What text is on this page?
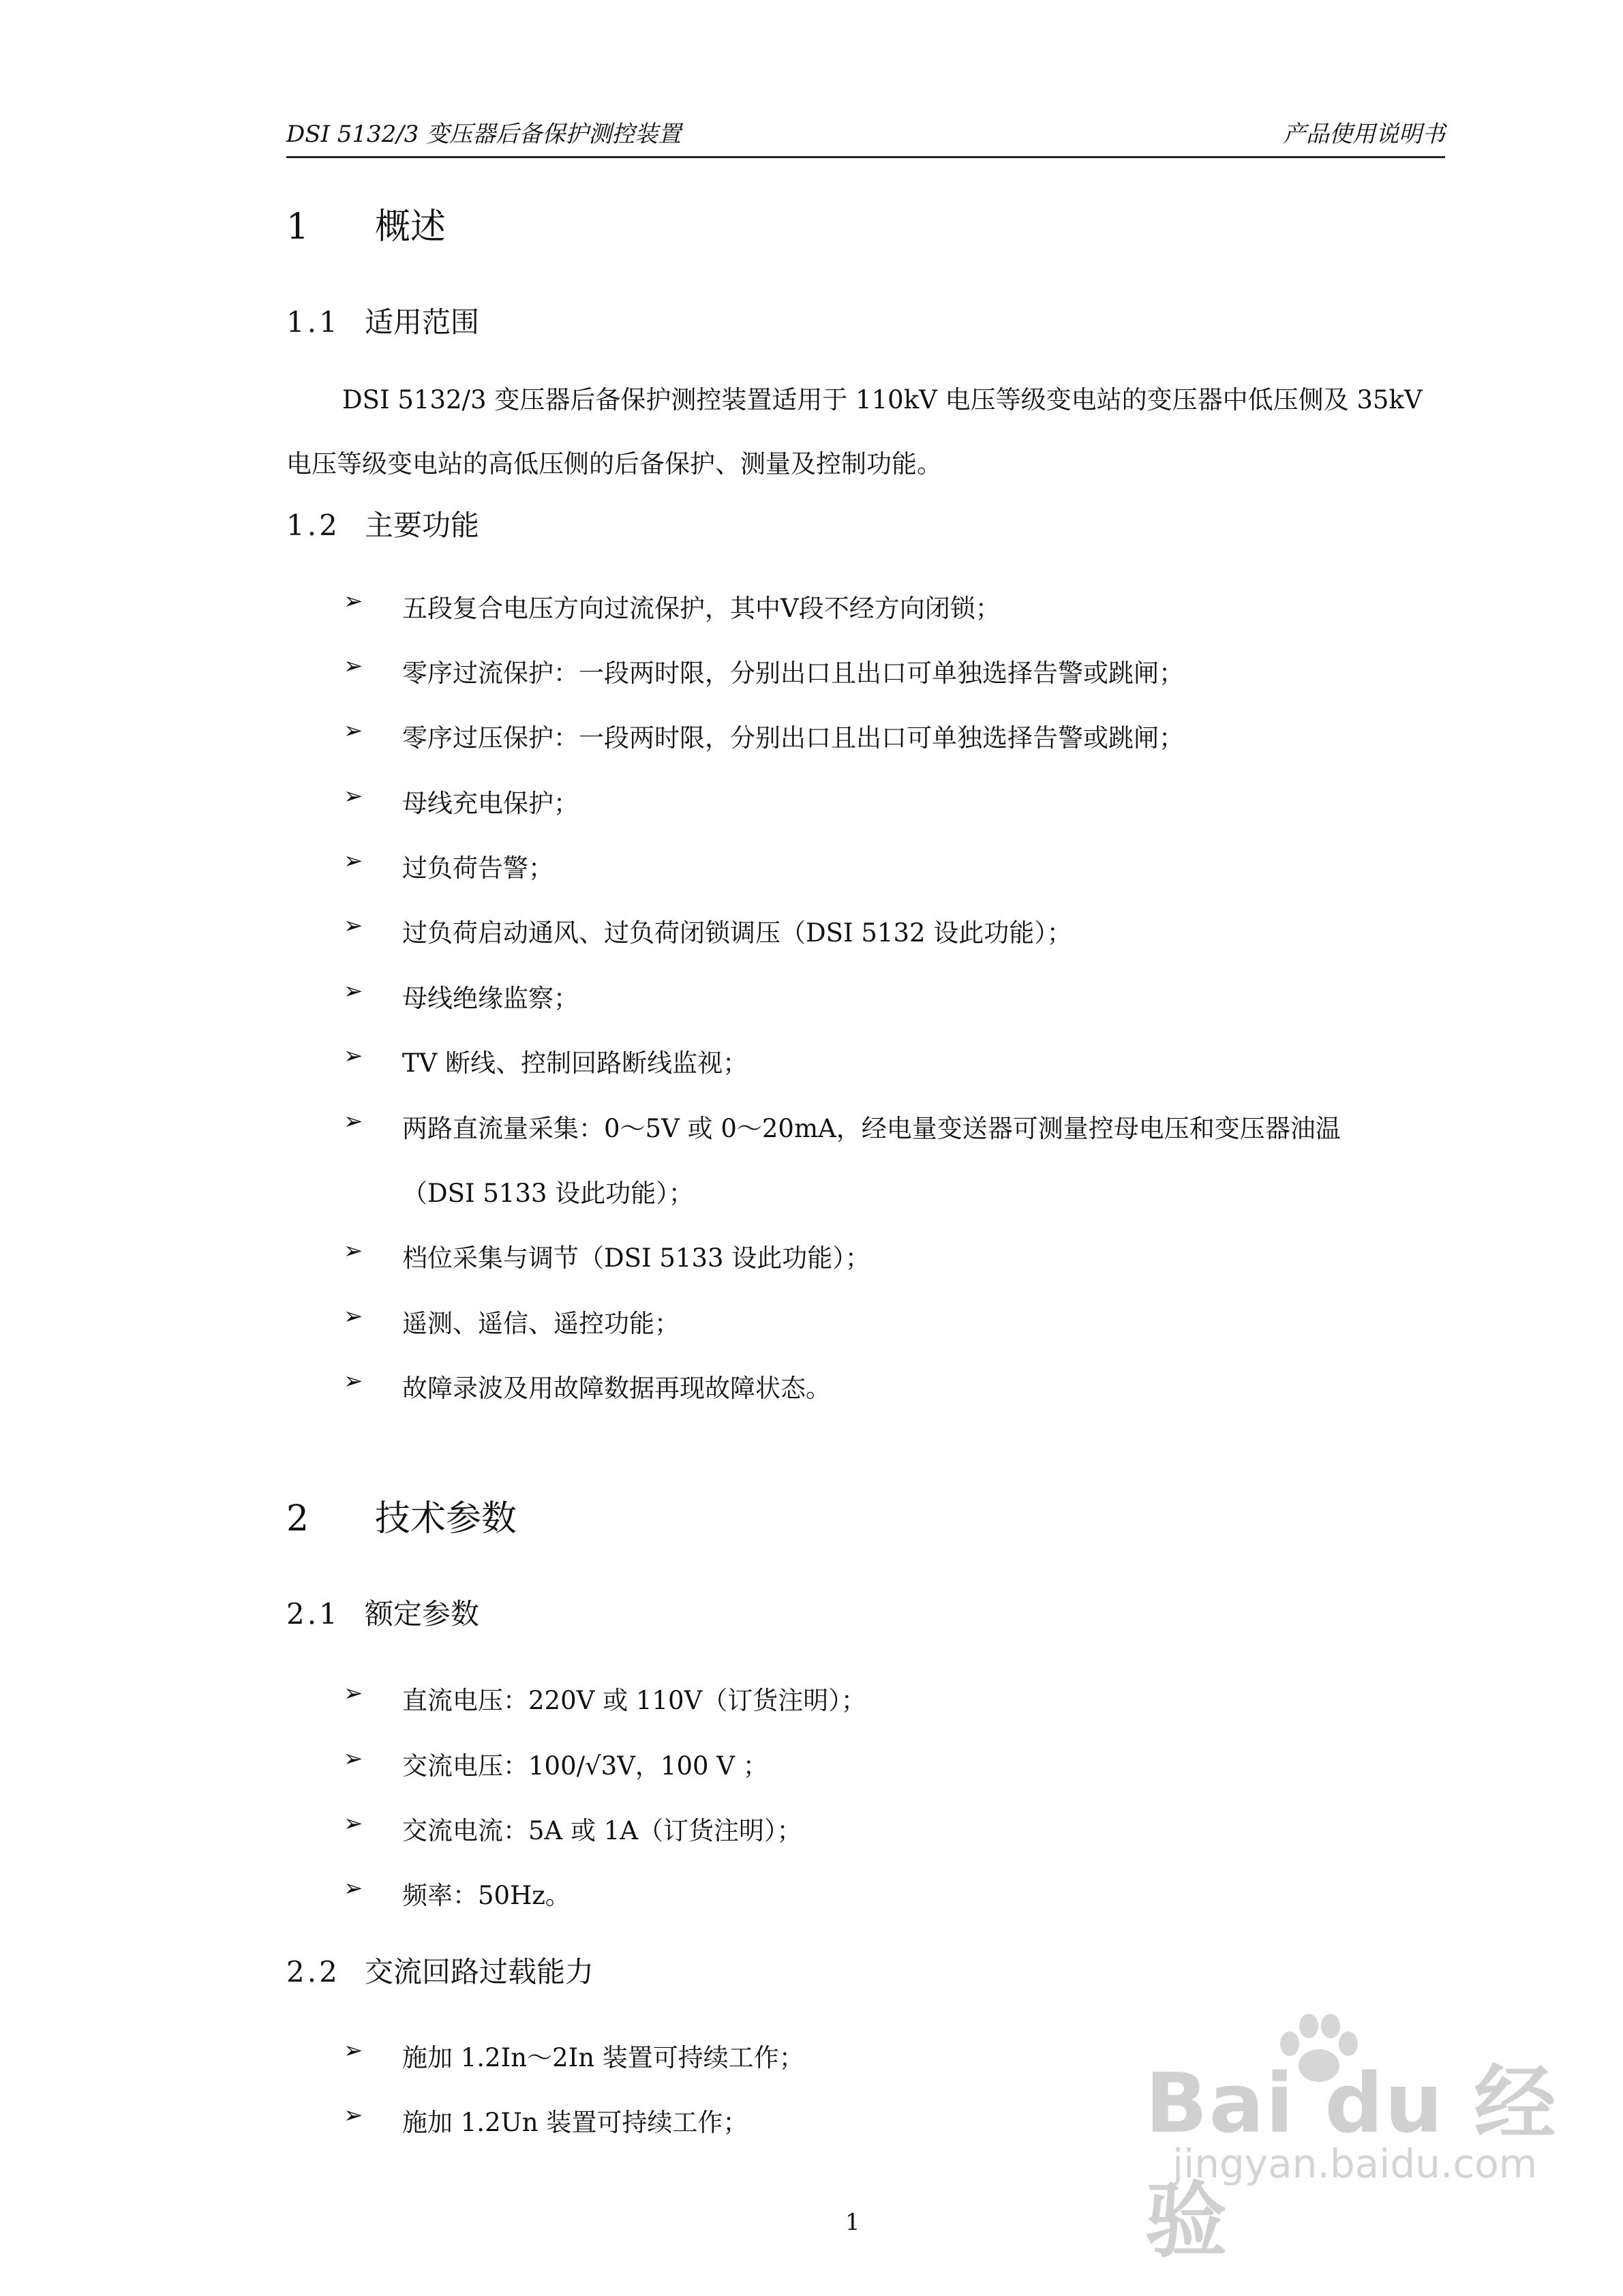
DSI 5132/3 变压器后备保护测控装置	产品使用说明书
1 概述
1.1 适用范围
DSI 5132/3 变压器后备保护测控装置适用于 110kV 电压等级变电站的变压器中低压侧及 35kV 电压等级变电站的高低压侧的后备保护、测量及控制功能。
1.2 主要功能
➢ 五段复合电压方向过流保护，其中Ⅴ段不经方向闭锁；
➢ 零序过流保护：一段两时限，分别出口且出口可单独选择告警或跳闸；
➢ 零序过压保护：一段两时限，分别出口且出口可单独选择告警或跳闸；
➢ 母线充电保护；
➢ 过负荷告警；
➢ 过负荷启动通风、过负荷闭锁调压（DSI 5132 设此功能）；
➢ 母线绝缘监察；
➢ TV 断线、控制回路断线监视；
➢ 两路直流量采集：0～5V 或 0～20mA，经电量变送器可测量控母电压和变压器油温
（DSI 5133 设此功能）；
➢ 档位采集与调节（DSI 5133 设此功能）；
➢ 遥测、遥信、遥控功能；
➢ 故障录波及用故障数据再现故障状态。
2 技术参数
2.1 额定参数
➢ 直流电压：220V 或 110V（订货注明）；
➢ 交流电压：100/√3V，100 V ；
➢ 交流电流：5A 或 1A（订货注明）；
➢ 频率：50Hz。
2.2 交流回路过载能力
➢ 施加 1.2In～2In 装置可持续工作；
➢ 施加 1.2Un 装置可持续工作；
1
Bai du 经验
jingyan.baidu.com
